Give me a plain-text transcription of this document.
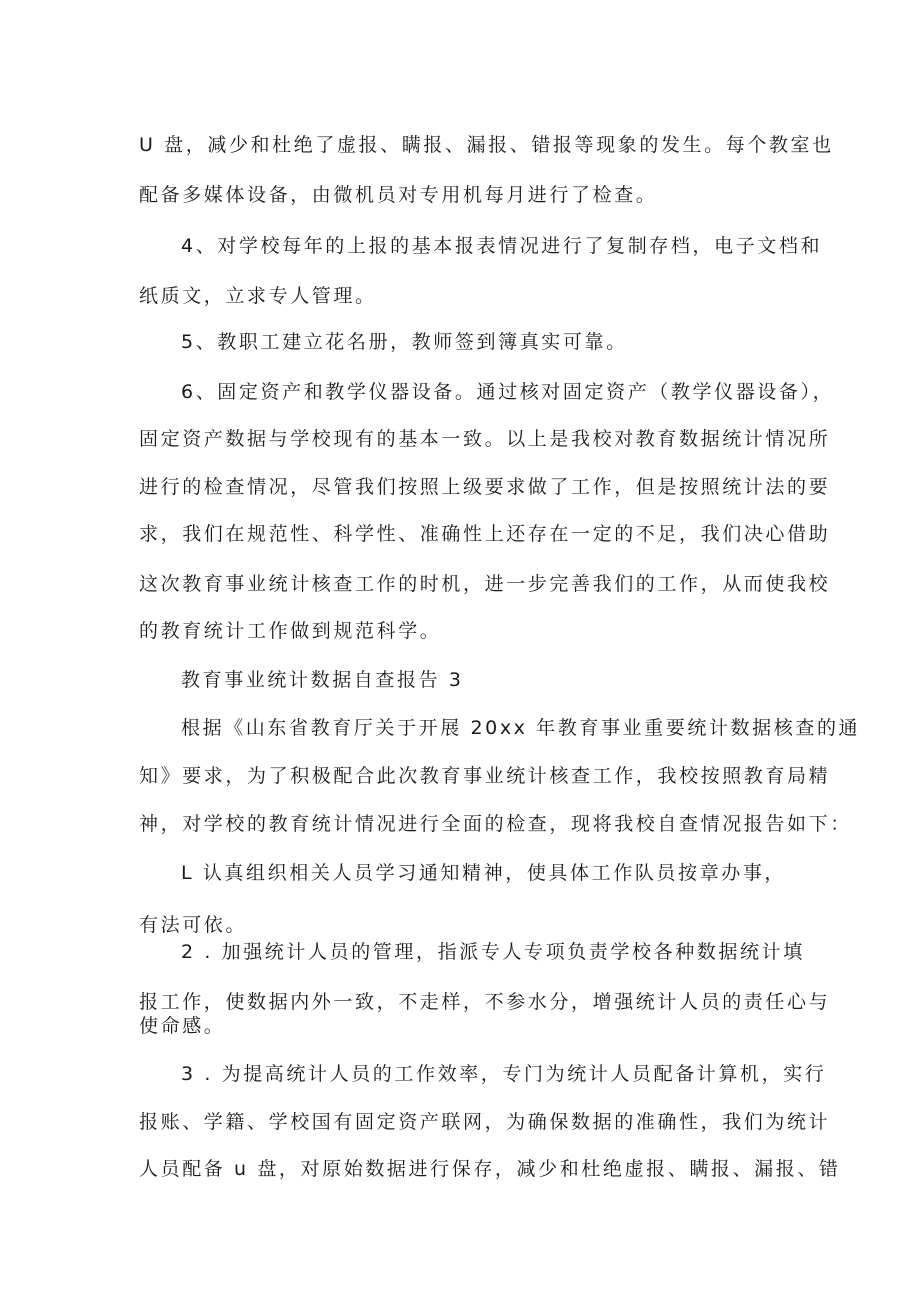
U 盘，减少和杜绝了虚报、瞒报、漏报、错报等现象的发生。每个教室也
配备多媒体设备，由微机员对专用机每月进行了检查。
4、对学校每年的上报的基本报表情况进行了复制存档，电子文档和
纸质文，立求专人管理。
5、教职工建立花名册，教师签到簿真实可靠。
6、固定资产和教学仪器设备。通过核对固定资产（教学仪器设备），
固定资产数据与学校现有的基本一致。以上是我校对教育数据统计情况所
进行的检查情况，尽管我们按照上级要求做了工作，但是按照统计法的要
求，我们在规范性、科学性、准确性上还存在一定的不足，我们决心借助
这次教育事业统计核查工作的时机，进一步完善我们的工作，从而使我校
的教育统计工作做到规范科学。
教育事业统计数据自查报告 3
根据《山东省教育厅关于开展 20xx 年教育事业重要统计数据核查的通
知》要求，为了积极配合此次教育事业统计核查工作，我校按照教育局精
神，对学校的教育统计情况进行全面的检查，现将我校自查情况报告如下：
L 认真组织相关人员学习通知精神，使具体工作队员按章办事，
有法可依。
2 . 加强统计人员的管理，指派专人专项负责学校各种数据统计填
报工作，使数据内外一致，不走样，不参水分，增强统计人员的责任心与
使命感。
3 . 为提高统计人员的工作效率，专门为统计人员配备计算机，实行
报账、学籍、学校国有固定资产联网，为确保数据的准确性，我们为统计
人员配备 u 盘，对原始数据进行保存，减少和杜绝虚报、瞒报、漏报、错
